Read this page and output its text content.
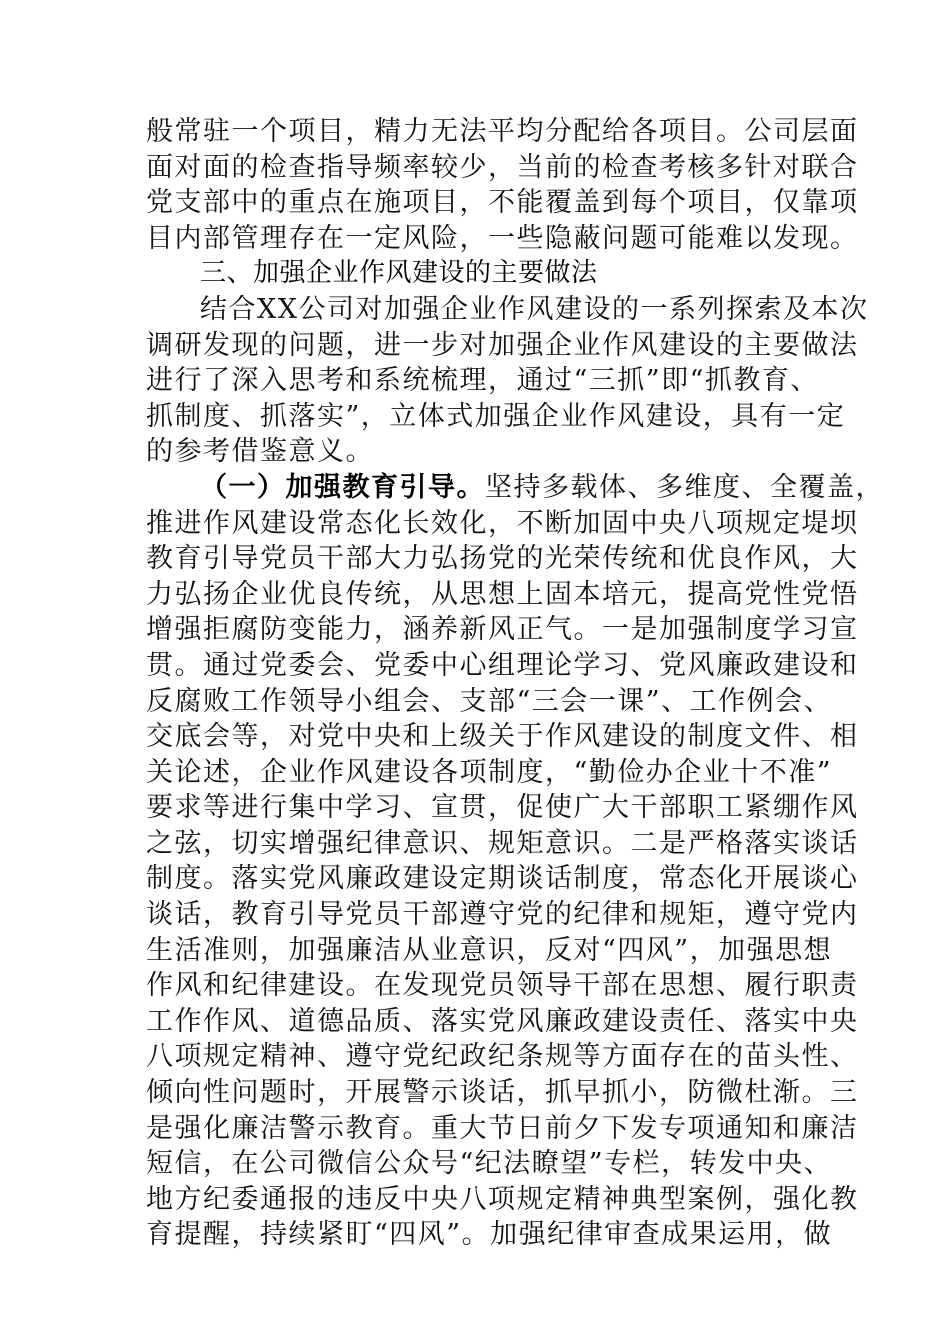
般常驻一个项目，精力无法平均分配给各项目。公司层面
面对面的检查指导频率较少，当前的检查考核多针对联合
党支部中的重点在施项目，不能覆盖到每个项目，仅靠项
目内部管理存在一定风险，一些隐蔽问题可能难以发现。
三、加强企业作风建设的主要做法
结合XX公司对加强企业作风建设的一系列探索及本次
调研发现的问题，进一步对加强企业作风建设的主要做法
进行了深入思考和系统梳理，通过“三抓”即“抓教育、
抓制度、抓落实”，立体式加强企业作风建设，具有一定
的参考借鉴意义。
（一）加强教育引导。坚持多载体、多维度、全覆盖，
推进作风建设常态化长效化，不断加固中央八项规定堤坝
教育引导党员干部大力弘扬党的光荣传统和优良作风，大
力弘扬企业优良传统，从思想上固本培元，提高党性党悟
增强拒腐防变能力，涵养新风正气。一是加强制度学习宣
贯。通过党委会、党委中心组理论学习、党风廉政建设和
反腐败工作领导小组会、支部“三会一课”、工作例会、
交底会等，对党中央和上级关于作风建设的制度文件、相
关论述，企业作风建设各项制度，“勤俭办企业十不准”
要求等进行集中学习、宣贯，促使广大干部职工紧绷作风
之弦，切实增强纪律意识、规矩意识。二是严格落实谈话
制度。落实党风廉政建设定期谈话制度，常态化开展谈心
谈话，教育引导党员干部遵守党的纪律和规矩，遵守党内
生活准则，加强廉洁从业意识，反对“四风”，加强思想
作风和纪律建设。在发现党员领导干部在思想、履行职责
工作作风、道德品质、落实党风廉政建设责任、落实中央
八项规定精神、遵守党纪政纪条规等方面存在的苗头性、
倾向性问题时，开展警示谈话，抓早抓小，防微杜渐。三
是强化廉洁警示教育。重大节日前夕下发专项通知和廉洁
短信，在公司微信公众号“纪法瞭望”专栏，转发中央、
地方纪委通报的违反中央八项规定精神典型案例，强化教
育提醒，持续紧盯“四风”。加强纪律审查成果运用，做
